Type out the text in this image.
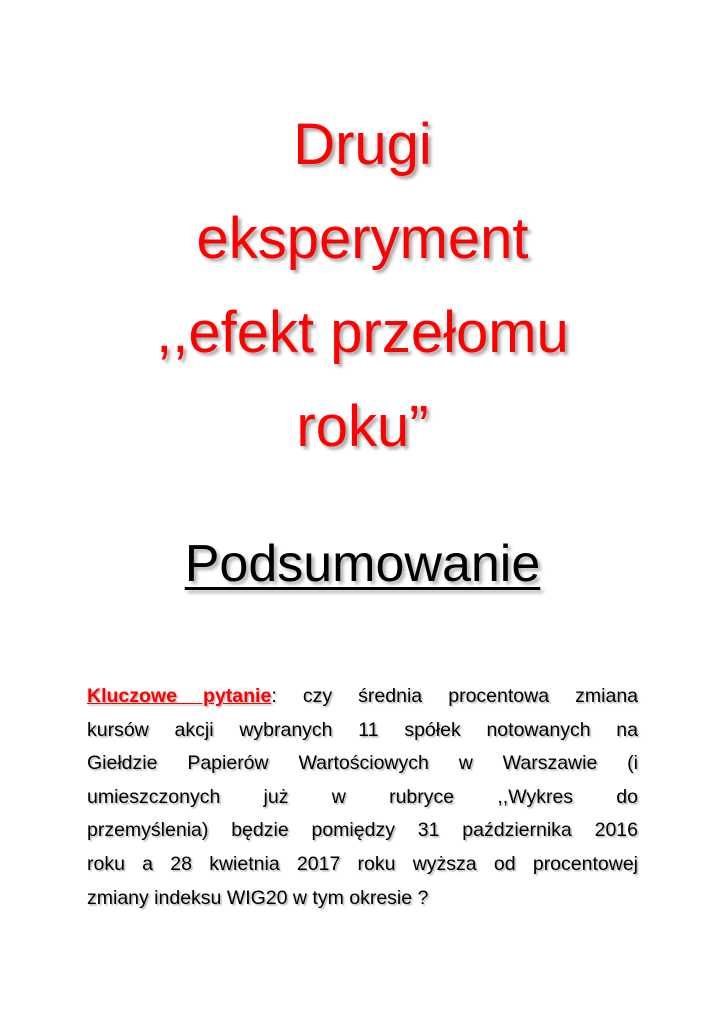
Drugi
eksperyment
,,efekt przełomu
roku”
Podsumowanie
Kluczowe pytanie: czy średnia procentowa zmiana
kursów akcji wybranych 11 spółek notowanych na
Giełdzie Papierów Wartościowych w Warszawie (i
umieszczonych już w rubryce ,,Wykres do
przemyślenia) będzie pomiędzy 31 października 2016
roku a 28 kwietnia 2017 roku wyższa od procentowej
zmiany indeksu WIG20 w tym okresie ?
